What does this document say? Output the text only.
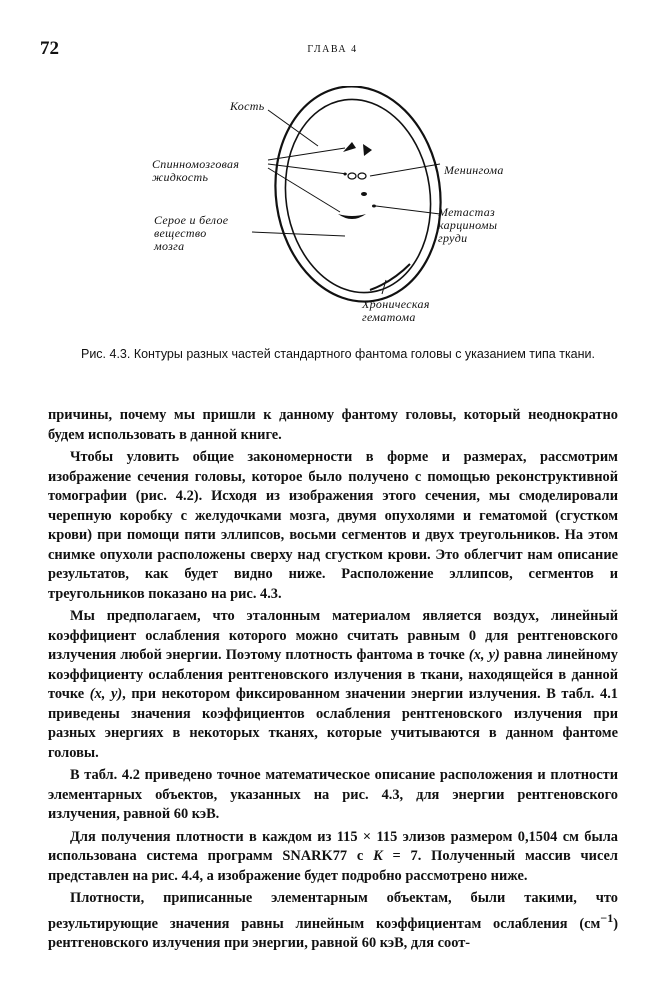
72	ГЛАВА 4
Кость
Спинномозговая
жидкость
Серое и белое
вещество
мозга
Менингома
Метастаз
карциномы
груди
Хроническая
гематома
Рис. 4.3. Контуры разных частей стандартного фантома головы с указанием типа ткани.

причины, почему мы пришли к данному фантому головы, который неоднократно будем использовать в данной книге.

Чтобы уловить общие закономерности в форме и размерах, рассмотрим изображение сечения головы, которое было получено с помощью реконструктивной томографии (рис. 4.2). Исходя из изображения этого сечения, мы смоделировали черепную коробку с желудочками мозга, двумя опухолями и гематомой (сгустком крови) при помощи пяти эллипсов, восьми сегментов и двух треугольников. На этом снимке опухоли расположены сверху над сгустком крови. Это облегчит нам описание результатов, как будет видно ниже. Расположение эллипсов, сегментов и треугольников показано на рис. 4.3.

Мы предполагаем, что эталонным материалом является воздух, линейный коэффициент ослабления которого можно считать равным 0 для рентгеновского излучения любой энергии. Поэтому плотность фантома в точке (x, y) равна линейному коэффициенту ослабления рентгеновского излучения в ткани, находящейся в данной точке (x, y), при некотором фиксированном значении энергии излучения. В табл. 4.1 приведены значения коэффициентов ослабления рентгеновского излучения при разных энергиях в некоторых тканях, которые учитываются в данном фантоме головы.

В табл. 4.2 приведено точное математическое описание расположения и плотности элементарных объектов, указанных на рис. 4.3, для энергии рентгеновского излучения, равной 60 кэВ.

Для получения плотности в каждом из 115 × 115 элизов размером 0,1504 см была использована система программ SNARK77 с K = 7. Полученный массив чисел представлен на рис. 4.4, а изображение будет подробно рассмотрено ниже.

Плотности, приписанные элементарным объектам, были такими, что результирующие значения равны линейным коэффициентам ослабления $(см^{-1})$ рентгеновского излучения при энергии, равной 60 кэВ, для соот-
